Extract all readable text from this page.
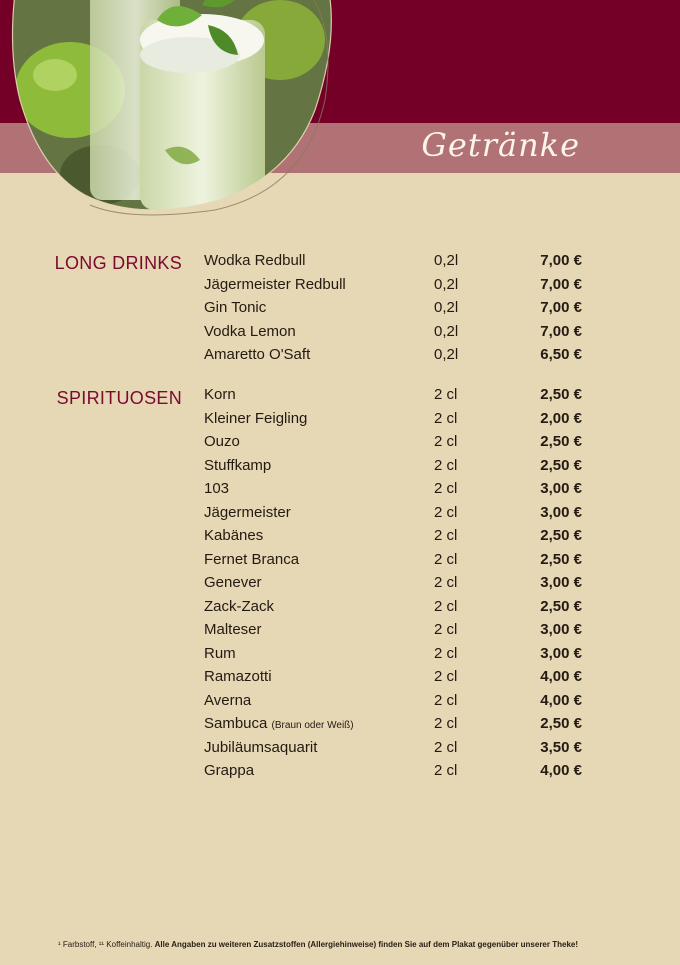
Getränke
LONG DRINKS
SPIRITUOSEN
Wodka Redbull	0,2l	7,00 €
Jägermeister Redbull	0,2l	7,00 €
Gin Tonic	0,2l	7,00 €
Vodka Lemon	0,2l	7,00 €
Amaretto O'Saft	0,2l	6,50 €
Korn	2 cl	2,50 €
Kleiner Feigling	2 cl	2,00 €
Ouzo	2 cl	2,50 €
Stuffkamp	2 cl	2,50 €
103	2 cl	3,00 €
Jägermeister	2 cl	3,00 €
Kabänes	2 cl	2,50 €
Fernet Branca	2 cl	2,50 €
Genever	2 cl	3,00 €
Zack-Zack	2 cl	2,50 €
Malteser	2 cl	3,00 €
Rum	2 cl	3,00 €
Ramazotti	2 cl	4,00 €
Averna	2 cl	4,00 €
Sambuca (Braun oder Weiß)	2 cl	2,50 €
Jubiläumsaquarit	2 cl	3,50 €
Grappa	2 cl	4,00 €
¹ Farbstoff, ¹¹ Koffeinhaltig. Alle Angaben zu weiteren Zusatzstoffen (Allergiehinweise) finden Sie auf dem Plakat gegenüber unserer Theke!
